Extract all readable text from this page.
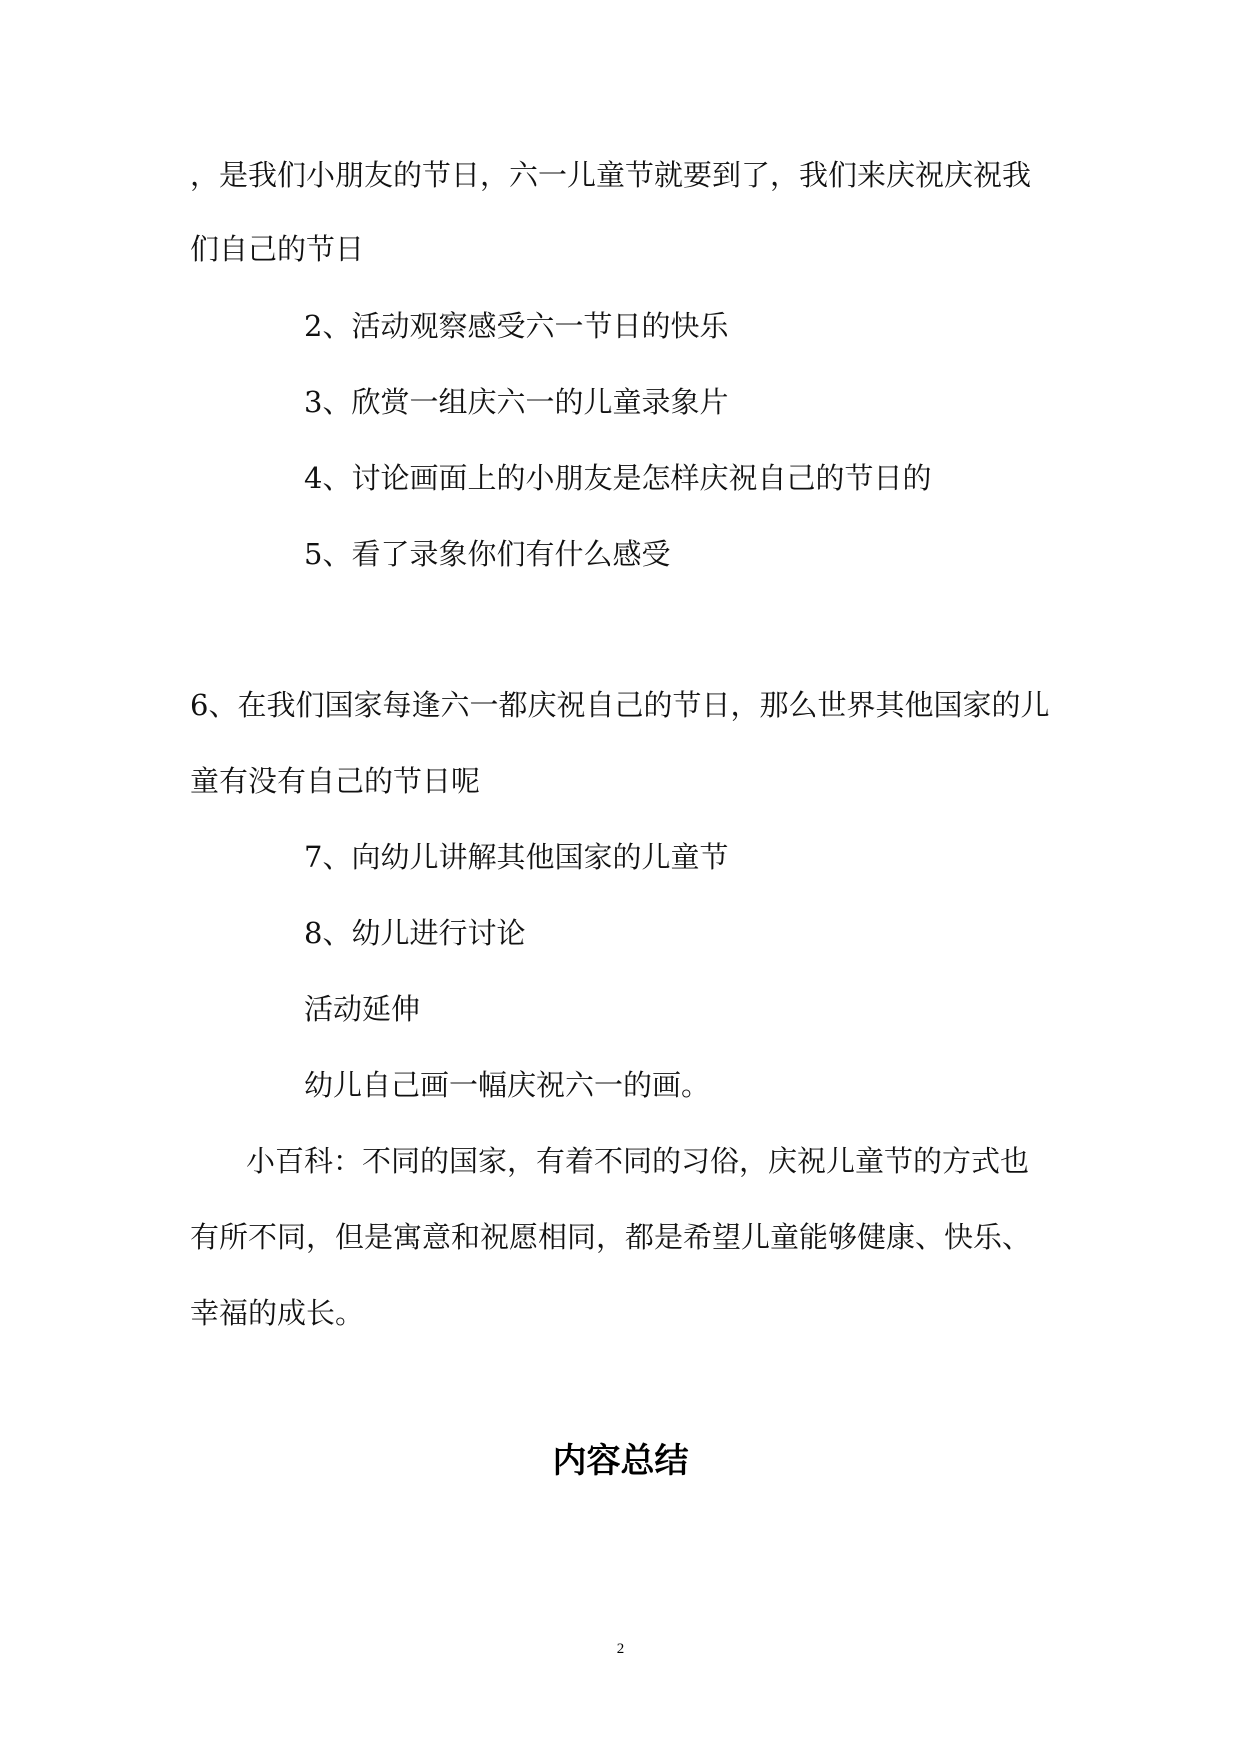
，是我们小朋友的节日，六一儿童节就要到了，我们来庆祝庆祝我
们自己的节日
2、活动观察感受六一节日的快乐
3、欣赏一组庆六一的儿童录象片
4、讨论画面上的小朋友是怎样庆祝自己的节日的
5、看了录象你们有什么感受
6、在我们国家每逢六一都庆祝自己的节日，那么世界其他国家的儿
童有没有自己的节日呢
7、向幼儿讲解其他国家的儿童节
8、幼儿进行讨论
活动延伸
幼儿自己画一幅庆祝六一的画。
小百科：不同的国家，有着不同的习俗，庆祝儿童节的方式也
有所不同，但是寓意和祝愿相同，都是希望儿童能够健康、快乐、
幸福的成长。
内容总结
2
